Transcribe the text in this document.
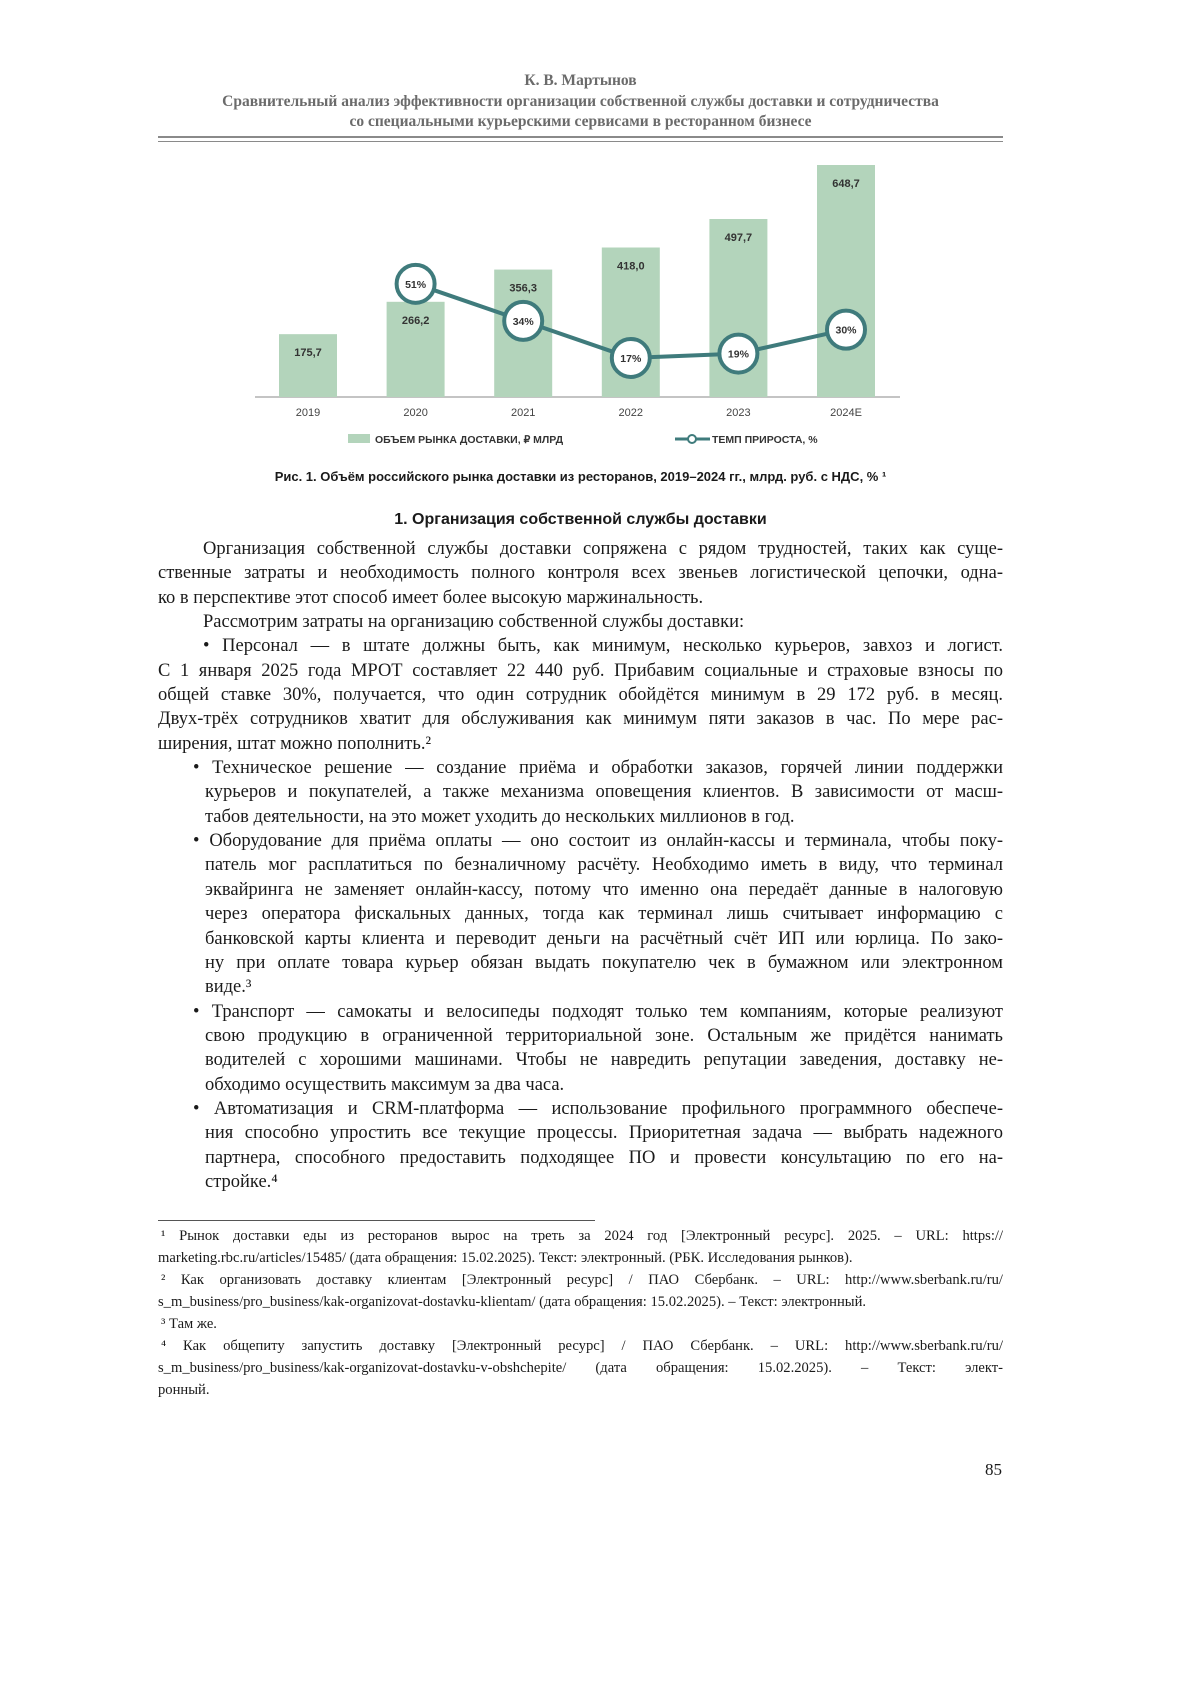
К. В. Мартынов
Сравнительный анализ эффективности организации собственной службы доставки и сотрудничества
со специальными курьерскими сервисами в ресторанном бизнесе
175,7
2019
266,2
2020
356,3
2021
418,0
2022
497,7
2023
648,7
2024E
51%
34%
17%	19%
30%
ОБЪЕМ РЫНКА ДОСТАВКИ, ₽ МЛРД	ТЕМП ПРИРОСТА, %
Рис. 1. Объём российского рынка доставки из ресторанов, 2019–2024 гг., млрд. руб. с НДС, % ¹
1. Организация собственной службы доставки
Организация собственной службы доставки сопряжена с рядом трудностей, таких как суще-
ственные затраты и необходимость полного контроля всех звеньев логистической цепочки, одна-
ко в перспективе этот способ имеет более высокую маржинальность.
Рассмотрим затраты на организацию собственной службы доставки:
• Персонал — в штате должны быть, как минимум, несколько курьеров, завхоз и логист.
С 1 января 2025 года МРОТ составляет 22 440 руб. Прибавим социальные и страховые взносы по
общей ставке 30%, получается, что один сотрудник обойдётся минимум в 29 172 руб. в месяц.
Двух-трёх сотрудников хватит для обслуживания как минимум пяти заказов в час. По мере рас-
ширения, штат можно пополнить.²
• Техническое решение — создание приёма и обработки заказов, горячей линии поддержки
курьеров и покупателей, а также механизма оповещения клиентов. В зависимости от масш-
табов деятельности, на это может уходить до нескольких миллионов в год.
• Оборудование для приёма оплаты — оно состоит из онлайн-кассы и терминала, чтобы поку-
патель мог расплатиться по безналичному расчёту. Необходимо иметь в виду, что терминал
эквайринга не заменяет онлайн-кассу, потому что именно она передаёт данные в налоговую
через оператора фискальных данных, тогда как терминал лишь считывает информацию с
банковской карты клиента и переводит деньги на расчётный счёт ИП или юрлица. По зако-
ну при оплате товара курьер обязан выдать покупателю чек в бумажном или электронном
виде.³
• Транспорт — самокаты и велосипеды подходят только тем компаниям, которые реализуют
свою продукцию в ограниченной территориальной зоне. Остальным же придётся нанимать
водителей с хорошими машинами. Чтобы не навредить репутации заведения, доставку не-
обходимо осуществить максимум за два часа.
• Автоматизация и CRM-платформа — использование профильного программного обеспече-
ния способно упростить все текущие процессы. Приоритетная задача — выбрать надежного
партнера, способного предоставить подходящее ПО и провести консультацию по его на-
стройке.⁴
¹ Рынок доставки еды из ресторанов вырос на треть за 2024 год [Электронный ресурс]. 2025. – URL: https://
marketing.rbc.ru/articles/15485/ (дата обращения: 15.02.2025). Текст: электронный. (РБК. Исследования рынков).
² Как организовать доставку клиентам [Электронный ресурс] / ПАО Сбербанк. – URL: http://www.sberbank.ru/ru/
s_m_business/pro_business/kak-organizovat-dostavku-klientam/ (дата обращения: 15.02.2025). – Текст: электронный.
³ Там же.
⁴ Как общепиту запустить доставку [Электронный ресурс] / ПАО Сбербанк. – URL: http://www.sberbank.ru/ru/
s_m_business/pro_business/kak-organizovat-dostavku-v-obshchepite/ (дата обращения: 15.02.2025). – Текст: элект-
ронный.
85
